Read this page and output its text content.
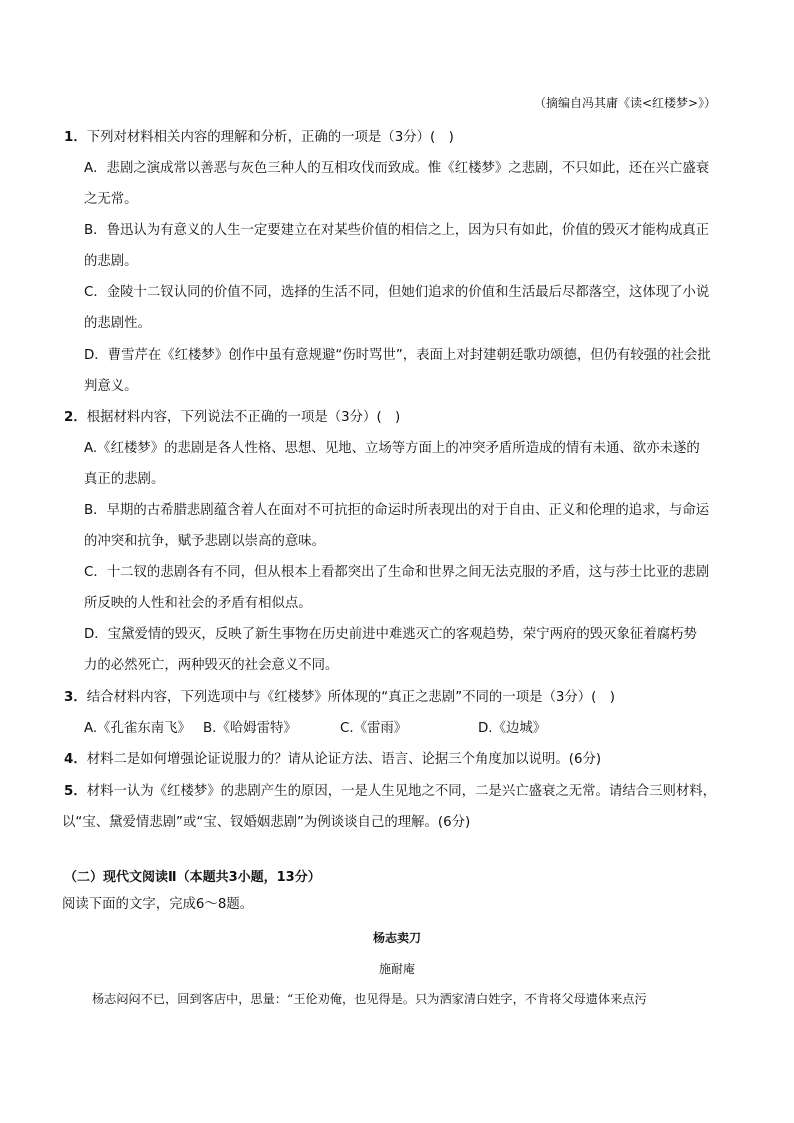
（摘编自冯其庸《读<红楼梦>》）
1．下列对材料相关内容的理解和分析，正确的一项是（3分）(　)
A．悲剧之演成常以善恶与灰色三种人的互相攻伐而致成。惟《红楼梦》之悲剧，不只如此，还在兴亡盛衰
之无常。
B．鲁迅认为有意义的人生一定要建立在对某些价值的相信之上，因为只有如此，价值的毁灭才能构成真正
的悲剧。
C．金陵十二钗认同的价值不同，选择的生活不同，但她们追求的价值和生活最后尽都落空，这体现了小说
的悲剧性。
D．曹雪芹在《红楼梦》创作中虽有意规避“伤时骂世”，表面上对封建朝廷歌功颂德，但仍有较强的社会批
判意义。
2．根据材料内容，下列说法不正确的一项是（3分）(　)
A.《红楼梦》的悲剧是各人性格、思想、见地、立场等方面上的冲突矛盾所造成的情有未通、欲亦未遂的
真正的悲剧。
B．早期的古希腊悲剧蕴含着人在面对不可抗拒的命运时所表现出的对于自由、正义和伦理的追求，与命运
的冲突和抗争，赋予悲剧以崇高的意味。
C．十二钗的悲剧各有不同，但从根本上看都突出了生命和世界之间无法克服的矛盾，这与莎士比亚的悲剧
所反映的人性和社会的矛盾有相似点。
D．宝黛爱情的毁灭，反映了新生事物在历史前进中难逃灭亡的客观趋势，荣宁两府的毁灭象征着腐朽势
力的必然死亡，两种毁灭的社会意义不同。
3．结合材料内容，下列选项中与《红楼梦》所体现的“真正之悲剧”不同的一项是（3分）(　)
A.《孔雀东南飞》 B.《哈姆雷特》	C.《雷雨》	D.《边城》
4．材料二是如何增强论证说服力的？请从论证方法、语言、论据三个角度加以说明。(6分)
5．材料一认为《红楼梦》的悲剧产生的原因，一是人生见地之不同，二是兴亡盛衰之无常。请结合三则材料，
以“宝、黛爱情悲剧”或“宝、钗婚姻悲剧”为例谈谈自己的理解。(6分)
（二）现代文阅读Ⅱ（本题共3小题，13分）
阅读下面的文字，完成6～8题。
杨志卖刀
施耐庵
杨志闷闷不已，回到客店中，思量：“王伦劝俺，也见得是。只为洒家清白姓字，不肯将父母遗体来点污
